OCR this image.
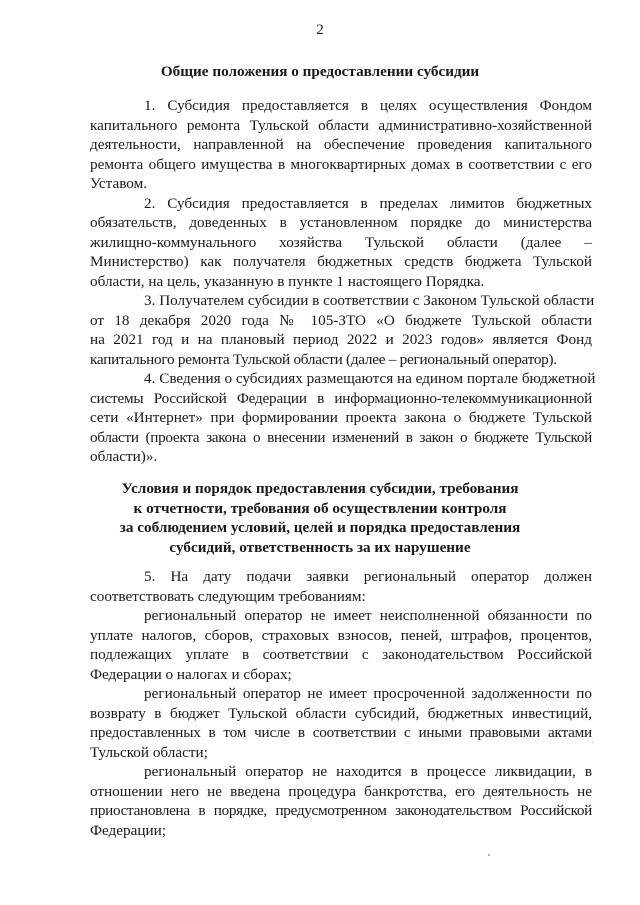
2
Общие положения о предоставлении субсидии
1. Субсидия предоставляется в целях осуществления Фондом
капитального ремонта Тульской области административно-хозяйственной
деятельности, направленной на обеспечение проведения капитального
ремонта общего имущества в многоквартирных домах в соответствии с его
Уставом.
2. Субсидия предоставляется в пределах лимитов бюджетных
обязательств, доведенных в установленном порядке до министерства
жилищно-коммунального хозяйства Тульской области (далее –
Министерство) как получателя бюджетных средств бюджета Тульской
области, на цель, указанную в пункте 1 настоящего Порядка.
3. Получателем субсидии в соответствии с Законом Тульской области
от 18 декабря 2020 года № 105-ЗТО «О бюджете Тульской области
на 2021 год и на плановый период 2022 и 2023 годов» является Фонд
капитального ремонта Тульской области (далее – региональный оператор).
4. Сведения о субсидиях размещаются на едином портале бюджетной
системы Российской Федерации в информационно-телекоммуникационной
сети «Интернет» при формировании проекта закона о бюджете Тульской
области (проекта закона о внесении изменений в закон о бюджете Тульской
области)».
Условия и порядок предоставления субсидии, требования
к отчетности, требования об осуществлении контроля
за соблюдением условий, целей и порядка предоставления
субсидий, ответственность за их нарушение
5. На дату подачи заявки региональный оператор должен
соответствовать следующим требованиям:
региональный оператор не имеет неисполненной обязанности по
уплате налогов, сборов, страховых взносов, пеней, штрафов, процентов,
подлежащих уплате в соответствии с законодательством Российской
Федерации о налогах и сборах;
региональный оператор не имеет просроченной задолженности по
возврату в бюджет Тульской области субсидий, бюджетных инвестиций,
предоставленных в том числе в соответствии с иными правовыми актами
Тульской области;
региональный оператор не находится в процессе ликвидации, в
отношении него не введена процедура банкротства, его деятельность не
приостановлена в порядке, предусмотренном законодательством Российской
Федерации;
